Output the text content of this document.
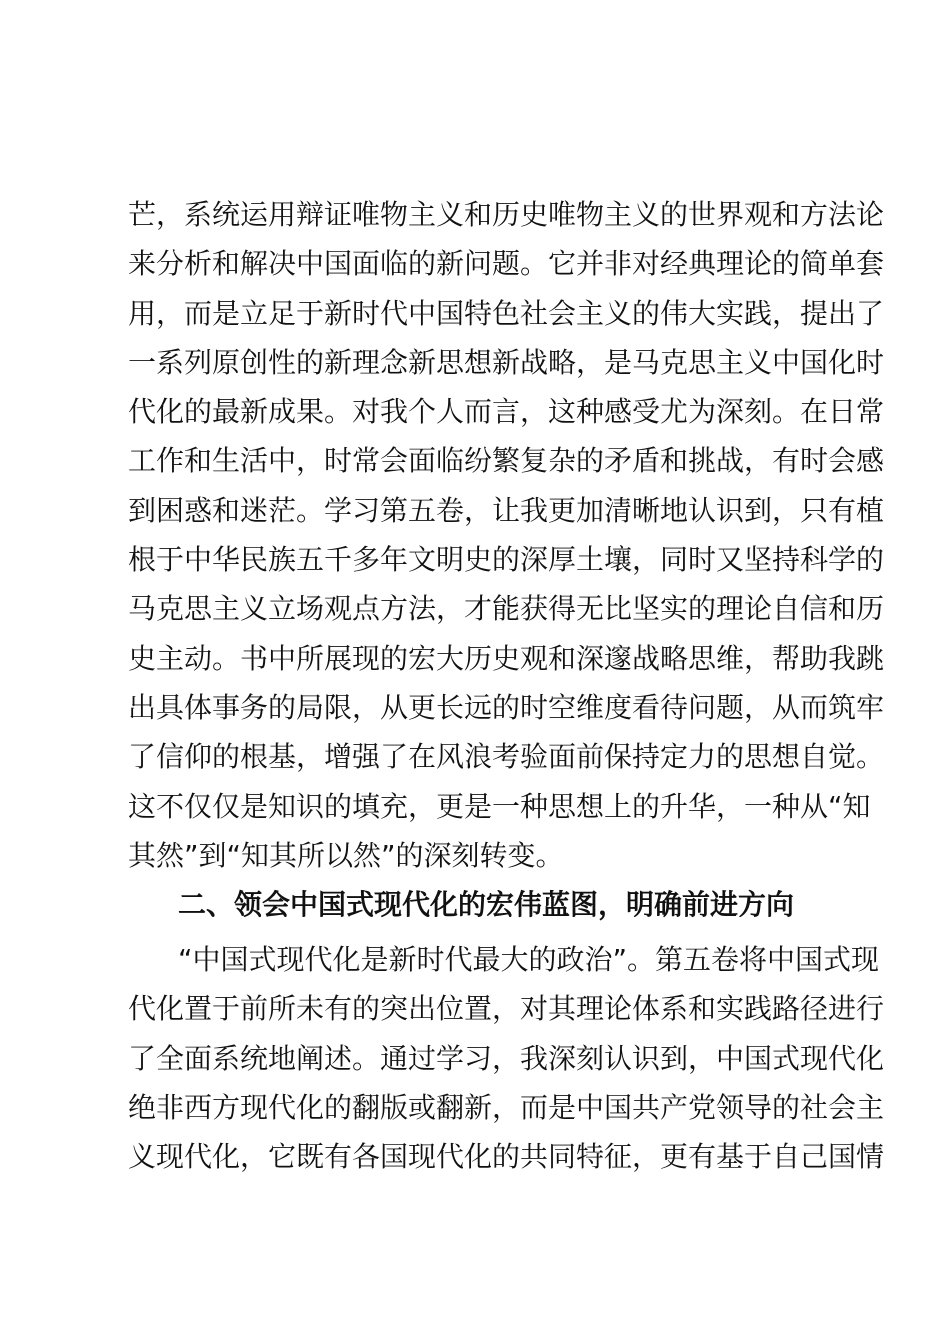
芒，系统运用辩证唯物主义和历史唯物主义的世界观和方法论
来分析和解决中国面临的新问题。它并非对经典理论的简单套
用，而是立足于新时代中国特色社会主义的伟大实践，提出了
一系列原创性的新理念新思想新战略，是马克思主义中国化时
代化的最新成果。对我个人而言，这种感受尤为深刻。在日常
工作和生活中，时常会面临纷繁复杂的矛盾和挑战，有时会感
到困惑和迷茫。学习第五卷，让我更加清晰地认识到，只有植
根于中华民族五千多年文明史的深厚土壤，同时又坚持科学的
马克思主义立场观点方法，才能获得无比坚实的理论自信和历
史主动。书中所展现的宏大历史观和深邃战略思维，帮助我跳
出具体事务的局限，从更长远的时空维度看待问题，从而筑牢
了信仰的根基，增强了在风浪考验面前保持定力的思想自觉。
这不仅仅是知识的填充，更是一种思想上的升华，一种从“知
其然”到“知其所以然”的深刻转变。
二、领会中国式现代化的宏伟蓝图，明确前进方向
“中国式现代化是新时代最大的政治”。第五卷将中国式现
代化置于前所未有的突出位置，对其理论体系和实践路径进行
了全面系统地阐述。通过学习，我深刻认识到，中国式现代化
绝非西方现代化的翻版或翻新，而是中国共产党领导的社会主
义现代化，它既有各国现代化的共同特征，更有基于自己国情
